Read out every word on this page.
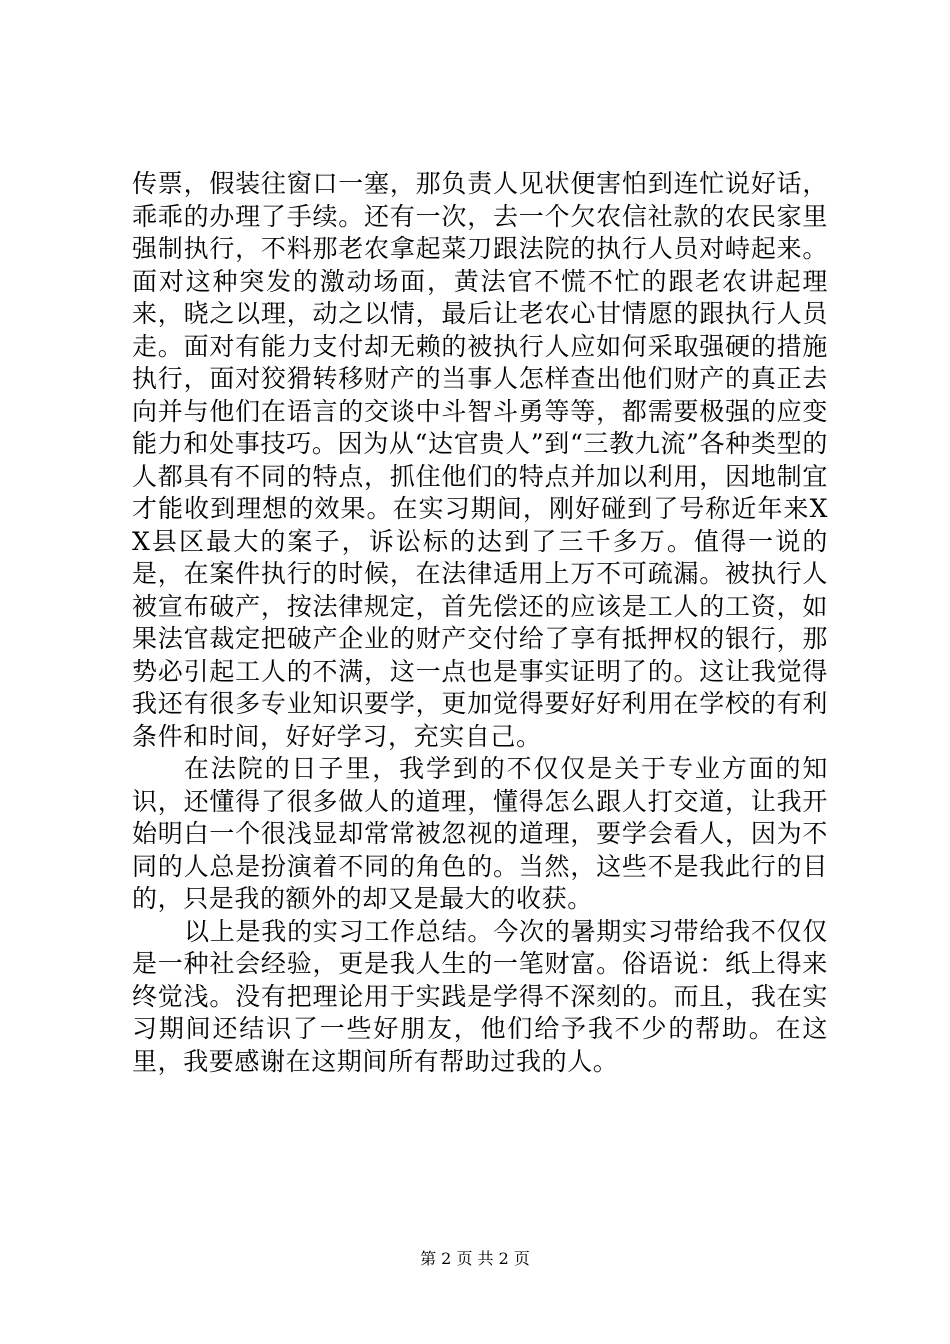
传票，假装往窗口一塞，那负责人见状便害怕到连忙说好话，乖乖的办理了手续。还有一次，去一个欠农信社款的农民家里强制执行，不料那老农拿起菜刀跟法院的执行人员对峙起来。面对这种突发的激动场面，黄法官不慌不忙的跟老农讲起理来，晓之以理，动之以情，最后让老农心甘情愿的跟执行人员走。面对有能力支付却无赖的被执行人应如何采取强硬的措施执行，面对狡猾转移财产的当事人怎样查出他们财产的真正去向并与他们在语言的交谈中斗智斗勇等等，都需要极强的应变能力和处事技巧。因为从“达官贵人”到“三教九流”各种类型的人都具有不同的特点，抓住他们的特点并加以利用，因地制宜才能收到理想的效果。在实习期间，刚好碰到了号称近年来XX县区最大的案子，诉讼标的达到了三千多万。值得一说的是，在案件执行的时候，在法律适用上万不可疏漏。被执行人被宣布破产，按法律规定，首先偿还的应该是工人的工资，如果法官裁定把破产企业的财产交付给了享有抵押权的银行，那势必引起工人的不满，这一点也是事实证明了的。这让我觉得我还有很多专业知识要学，更加觉得要好好利用在学校的有利条件和时间，好好学习，充实自己。

在法院的日子里，我学到的不仅仅是关于专业方面的知识，还懂得了很多做人的道理，懂得怎么跟人打交道，让我开始明白一个很浅显却常常被忽视的道理，要学会看人，因为不同的人总是扮演着不同的角色的。当然，这些不是我此行的目的，只是我的额外的却又是最大的收获。

以上是我的实习工作总结。今次的暑期实习带给我不仅仅是一种社会经验，更是我人生的一笔财富。俗语说：纸上得来终觉浅。没有把理论用于实践是学得不深刻的。而且，我在实习期间还结识了一些好朋友，他们给予我不少的帮助。在这里，我要感谢在这期间所有帮助过我的人。

第 2 页 共 2 页
